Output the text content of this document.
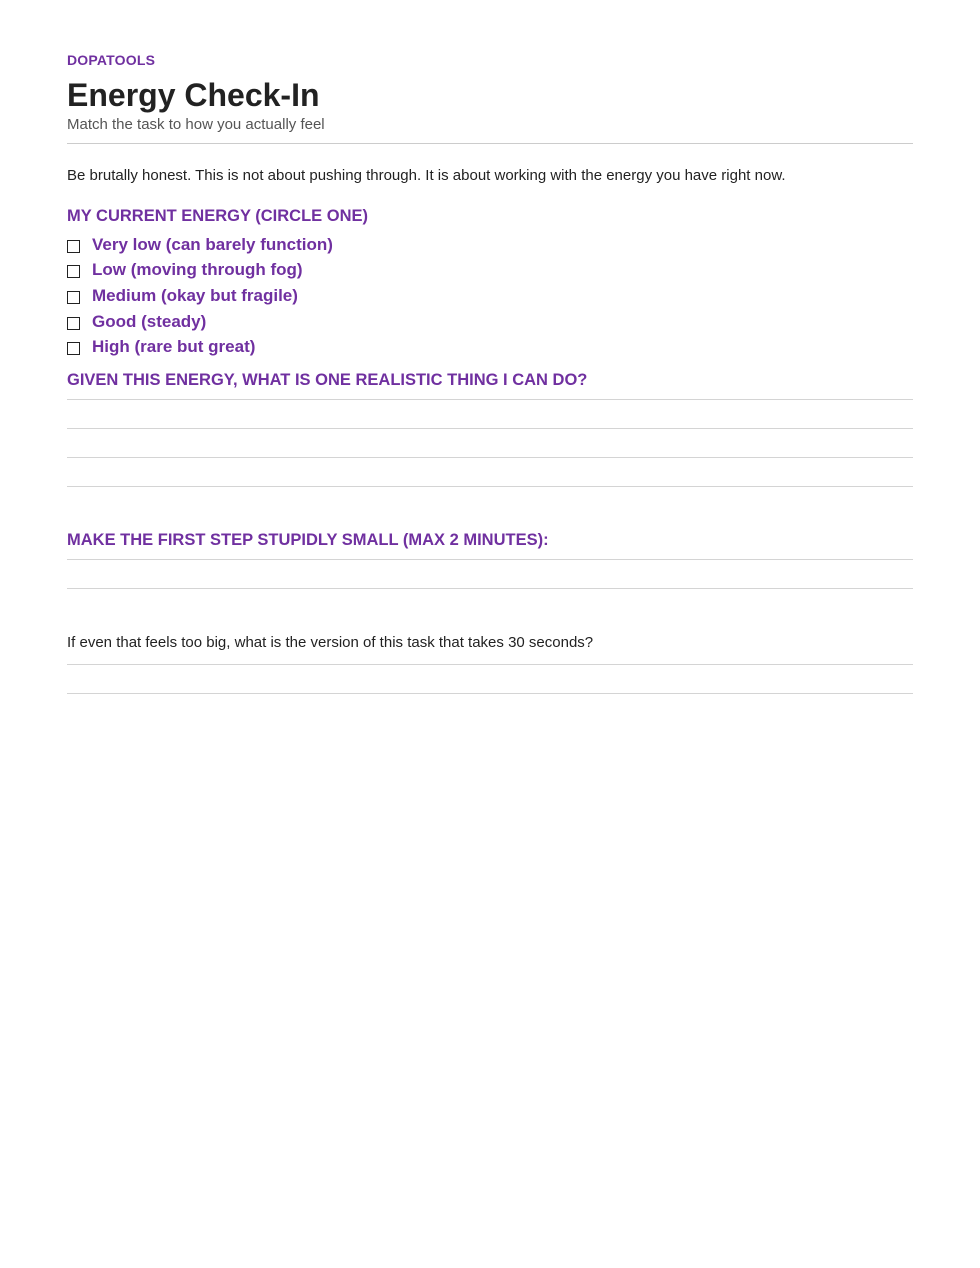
DOPATOOLS
Energy Check-In
Match the task to how you actually feel
Be brutally honest. This is not about pushing through. It is about working with the energy you have right now.
MY CURRENT ENERGY (CIRCLE ONE)
Very low (can barely function)
Low (moving through fog)
Medium (okay but fragile)
Good (steady)
High (rare but great)
GIVEN THIS ENERGY, WHAT IS ONE REALISTIC THING I CAN DO?
MAKE THE FIRST STEP STUPIDLY SMALL (MAX 2 MINUTES):
If even that feels too big, what is the version of this task that takes 30 seconds?
